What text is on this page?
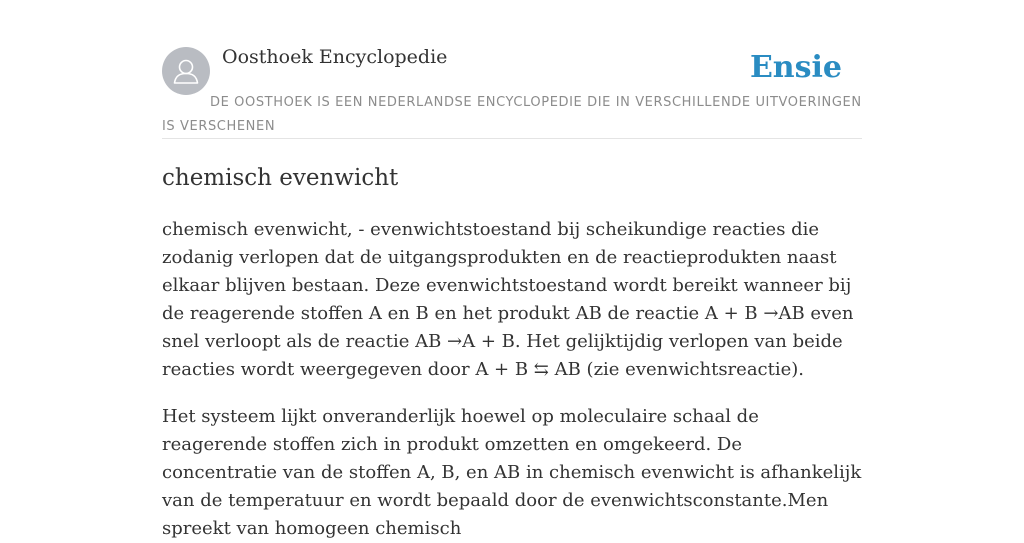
Oosthoek Encyclopedie	Ensie
DE OOSTHOEK IS EEN NEDERLANDSE ENCYCLOPEDIE DIE IN VERSCHILLENDE UITVOERINGEN IS VERSCHENEN
chemisch evenwicht

chemisch evenwicht, - evenwichtstoestand bij scheikundige reacties die zodanig verlopen dat de uitgangsprodukten en de reactieprodukten naast elkaar blijven bestaan. Deze evenwichtstoestand wordt bereikt wanneer bij de reagerende stoffen A en B en het produkt AB de reactie A + B →AB even snel verloopt als de reactie AB →A + B. Het gelijktijdig verlopen van beide reacties wordt weergegeven door A + B ⇆ AB (zie evenwichtsreactie).

Het systeem lijkt onveranderlijk hoewel op moleculaire schaal de reagerende stoffen zich in produkt omzetten en omgekeerd. De concentratie van de stoffen A, B, en AB in chemisch evenwicht is afhankelijk van de temperatuur en wordt bepaald door de evenwichtsconstante.Men spreekt van homogeen chemisch
